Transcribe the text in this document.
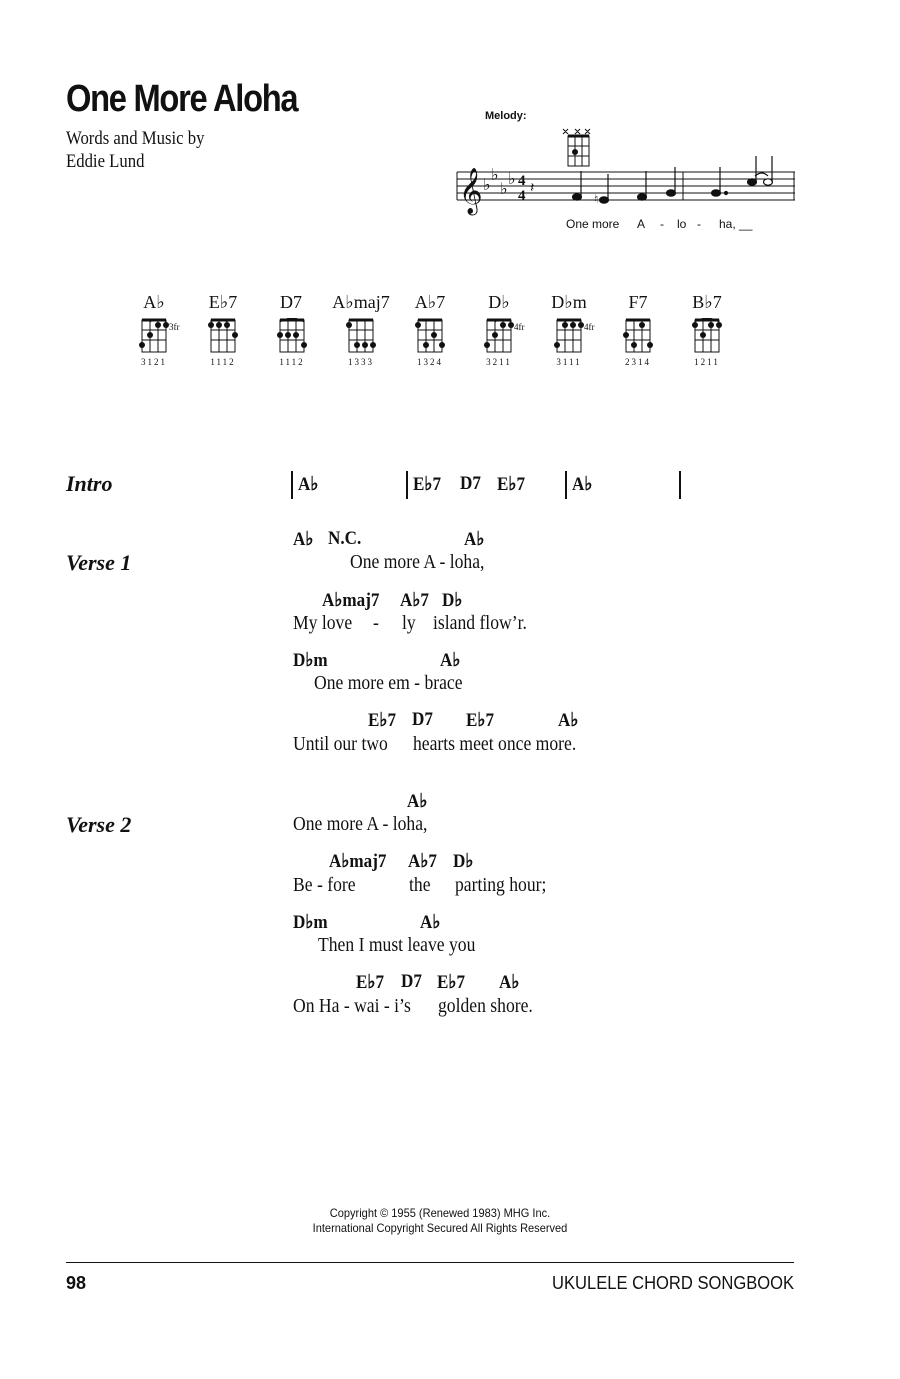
One More Aloha
Words and Music by
Eddie Lund
Melody:
𝄞 ♭
♭
♭
♭ 4
4 𝄽
♮
One more A - lo - ha, __
A♭	E♭7	D7	A♭maj7	A♭7	D♭	D♭m	F7	B♭7
3fr	4fr	4fr
3121	1112	1112	1333	1324	3211	3111	2314	1211
Intro	A♭	E♭7 D7 E♭7 A♭
Verse 1
A♭ N.C.	A♭
One more A - loha,
A♭maj7 A♭7 D♭
My love - ly island flow’r.
D♭m	A♭
One more em - brace
E♭7 D7 E♭7	A♭
Until our two hearts meet once more.
Verse 2
A♭
One more A - loha,
A♭maj7 A♭7 D♭
Be - fore	the parting hour;
D♭m	A♭
Then I must leave you
E♭7 D7 E♭7 A♭
On Ha - wai - i’s golden shore.
Copyright © 1955 (Renewed 1983) MHG Inc.
International Copyright Secured All Rights Reserved
98	UKULELE CHORD SONGBOOK
